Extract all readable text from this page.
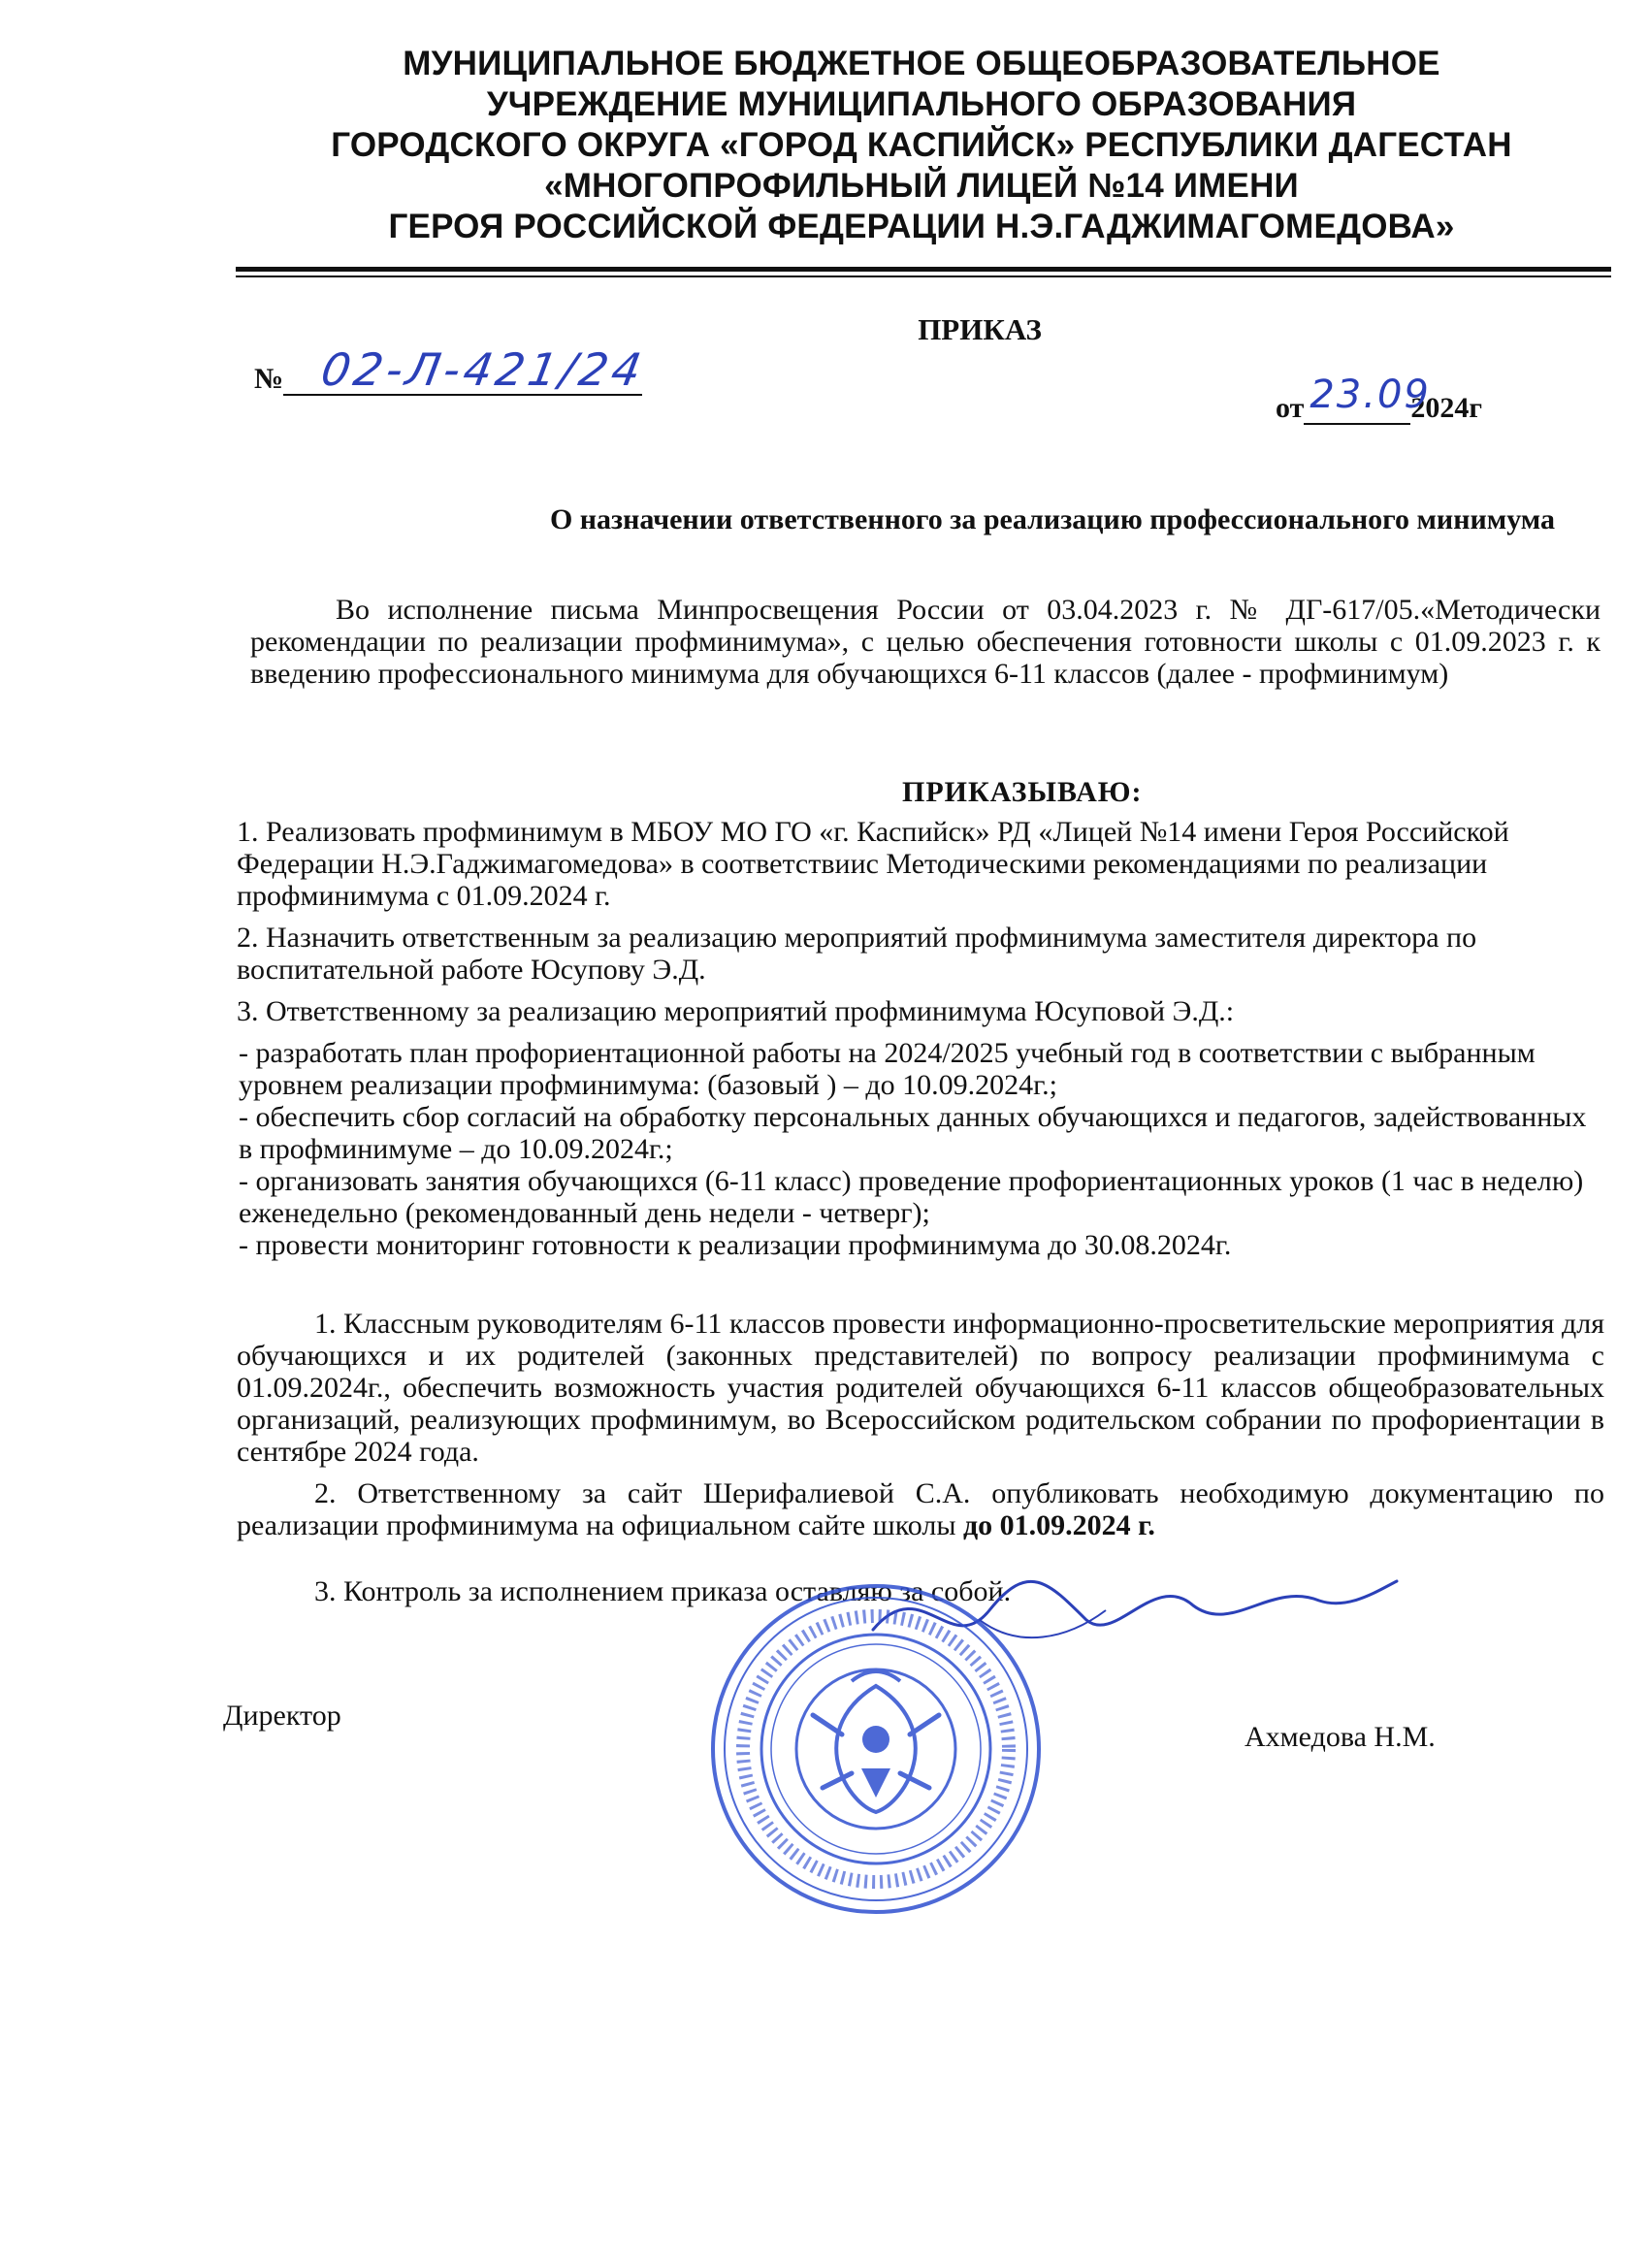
МУНИЦИПАЛЬНОЕ БЮДЖЕТНОЕ ОБЩЕОБРАЗОВАТЕЛЬНОЕ
УЧРЕЖДЕНИЕ МУНИЦИПАЛЬНОГО ОБРАЗОВАНИЯ
ГОРОДСКОГО ОКРУГА «ГОРОД КАСПИЙСК» РЕСПУБЛИКИ ДАГЕСТАН
«МНОГОПРОФИЛЬНЫЙ ЛИЦЕЙ №14 ИМЕНИ
ГЕРОЯ РОССИЙСКОЙ ФЕДЕРАЦИИ Н.Э.ГАДЖИМАГОМЕДОВА»
ПРИКАЗ
№ 02-Л-421/24
от 23.09
2024г
О назначении ответственного за реализацию профессионального минимума
Во исполнение письма Минпросвещения России от 03.04.2023 г. № ДГ-617/05.«Методически рекомендации по реализации профминимума», с целью обеспечения готовности школы с 01.09.2023 г. к введению профессионального минимума для обучающихся 6-11 классов (далее - профминимум)
ПРИКАЗЫВАЮ:
1. Реализовать профминимум в МБОУ МО ГО «г. Каспийск» РД «Лицей №14 имени Героя Российской Федерации Н.Э.Гаджимагомедова» в соответствиис Методическими рекомендациями по реализации профминимума с 01.09.2024 г.
2. Назначить ответственным за реализацию мероприятий профминимума заместителя директора по воспитательной работе Юсупову Э.Д.
3. Ответственному за реализацию мероприятий профминимума Юсуповой Э.Д.:
- разработать план профориентационной работы на 2024/2025 учебный год в соответствии с выбранным уровнем реализации профминимума: (базовый ) – до 10.09.2024г.;
- обеспечить сбор согласий на обработку персональных данных обучающихся и педагогов, задействованных в профминимуме – до 10.09.2024г.;
- организовать занятия обучающихся (6-11 класс) проведение профориентационных уроков (1 час в неделю) еженедельно (рекомендованный день недели - четверг);
- провести мониторинг готовности к реализации профминимума до 30.08.2024г.
1. Классным руководителям 6-11 классов провести информационно-просветительские мероприятия для обучающихся и их родителей (законных представителей) по вопросу реализации профминимума с 01.09.2024г., обеспечить возможность участия родителей обучающихся 6-11 классов общеобразовательных организаций, реализующих профминимум, во Всероссийском родительском собрании по профориентации в сентябре 2024 года.
2. Ответственному за сайт Шерифалиевой С.А. опубликовать необходимую документацию по реализации профминимума на официальном сайте школы до 01.09.2024 г.
3. Контроль за исполнением приказа оставляю за собой.
Директор
Ахмедова Н.М.
